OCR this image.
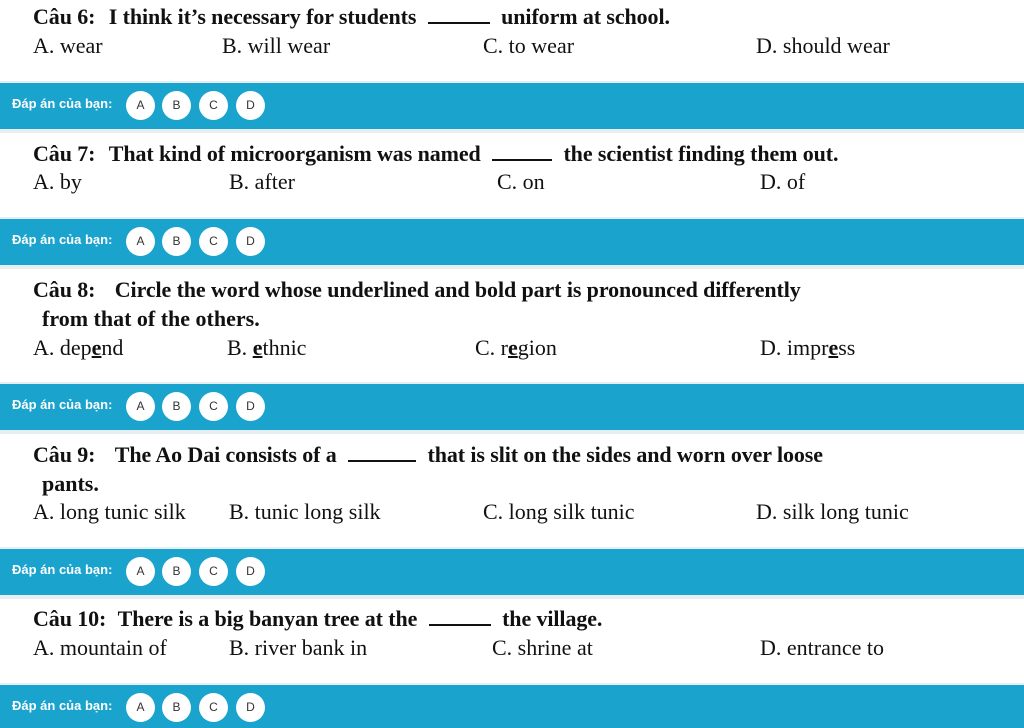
Câu 6: I think it’s necessary for students	uniform at school.
A. wear	B. will wear	C. to wear	D. should wear
Đáp án của bạn:	A	B	C	D
Câu 7: That kind of microorganism was named	the scientist finding them out.
A. by	B. after	C. on	D. of
Đáp án của bạn:	A	B	C	D
Câu 8: Circle the word whose underlined and bold part is pronounced differently
from that of the others.
A. depend	B. ethnic	C. region	D. impress
Đáp án của bạn:	A	B	C	D
Câu 9: The Ao Dai consists of a	that is slit on the sides and worn over loose
pants.
A. long tunic silk B. tunic long silk	C. long silk tunic	D. silk long tunic
Đáp án của bạn:	A	B	C	D
Câu 10: There is a big banyan tree at the	the village.
A. mountain of	B. river bank in	C. shrine at	D. entrance to
Đáp án của bạn:	A	B	C	D
